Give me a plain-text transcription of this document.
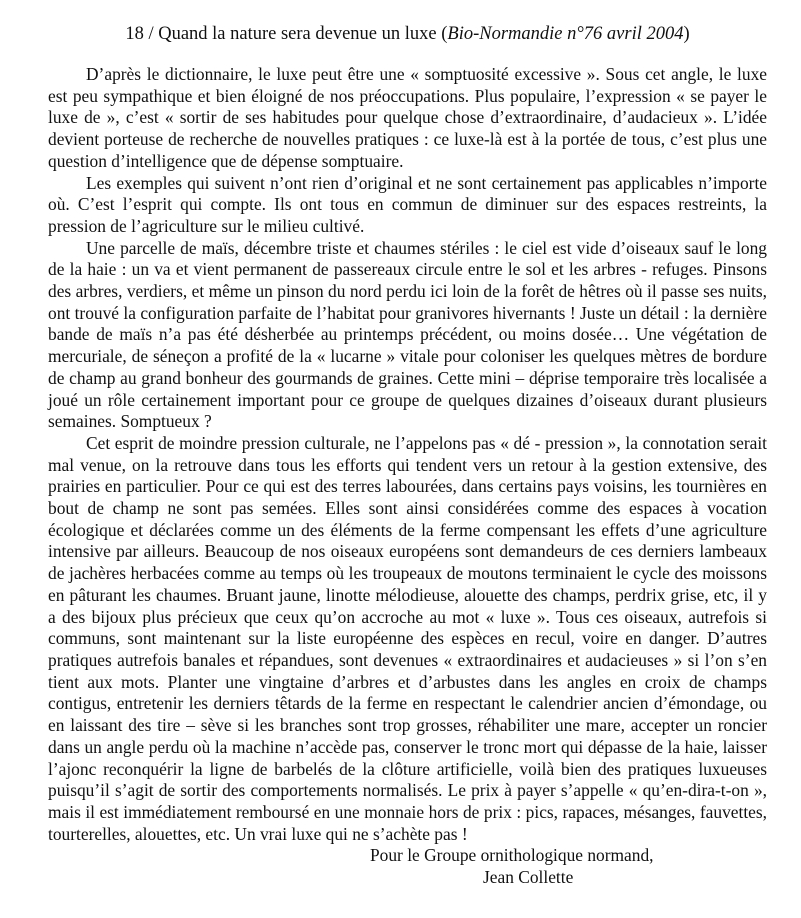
18 / Quand la nature sera devenue un luxe (Bio-Normandie n°76 avril 2004)

D’après le dictionnaire, le luxe peut être une « somptuosité excessive ». Sous cet angle, le luxe est peu sympathique et bien éloigné de nos préoccupations. Plus populaire, l’expression « se payer le luxe de », c’est « sortir de ses habitudes pour quelque chose d’extraordinaire, d’audacieux ». L’idée devient porteuse de recherche de nouvelles pratiques : ce luxe-là est à la portée de tous, c’est plus une question d’intelligence que de dépense somptuaire.

Les exemples qui suivent n’ont rien d’original et ne sont certainement pas applicables n’importe où. C’est l’esprit qui compte. Ils ont tous en commun de diminuer sur des espaces restreints, la pression de l’agriculture sur le milieu cultivé.

Une parcelle de maïs, décembre triste et chaumes stériles : le ciel est vide d’oiseaux sauf le long de la haie : un va et vient permanent de passereaux circule entre le sol et les arbres - refuges. Pinsons des arbres, verdiers, et même un pinson du nord perdu ici loin de la forêt de hêtres où il passe ses nuits, ont trouvé la configuration parfaite de l’habitat pour granivores hivernants ! Juste un détail : la dernière bande de maïs n’a pas été désherbée au printemps précédent, ou moins dosée… Une végétation de mercuriale, de séneçon a profité de la « lucarne » vitale pour coloniser les quelques mètres de bordure de champ au grand bonheur des gourmands de graines. Cette mini – déprise temporaire très localisée a joué un rôle certainement important pour ce groupe de quelques dizaines d’oiseaux durant plusieurs semaines. Somptueux ?

Cet esprit de moindre pression culturale, ne l’appelons pas « dé - pression », la connotation serait mal venue, on la retrouve dans tous les efforts qui tendent vers un retour à la gestion extensive, des prairies en particulier. Pour ce qui est des terres labourées, dans certains pays voisins, les tournières en bout de champ ne sont pas semées. Elles sont ainsi considérées comme des espaces à vocation écologique et déclarées comme un des éléments de la ferme compensant les effets d’une agriculture intensive par ailleurs. Beaucoup de nos oiseaux européens sont demandeurs de ces derniers lambeaux de jachères herbacées comme au temps où les troupeaux de moutons terminaient le cycle des moissons en pâturant les chaumes. Bruant jaune, linotte mélodieuse, alouette des champs, perdrix grise, etc, il y a des bijoux plus précieux que ceux qu’on accroche au mot « luxe ». Tous ces oiseaux, autrefois si communs, sont maintenant sur la liste européenne des espèces en recul, voire en danger. D’autres pratiques autrefois banales et répandues, sont devenues « extraordinaires et audacieuses » si l’on s’en tient aux mots. Planter une vingtaine d’arbres et d’arbustes dans les angles en croix de champs contigus, entretenir les derniers têtards de la ferme en respectant le calendrier ancien d’émondage, ou en laissant des tire – sève si les branches sont trop grosses, réhabiliter une mare, accepter un roncier dans un angle perdu où la machine n’accède pas, conserver le tronc mort qui dépasse de la haie, laisser l’ajonc reconquérir la ligne de barbelés de la clôture artificielle, voilà bien des pratiques luxueuses puisqu’il s’agit de sortir des comportements normalisés. Le prix à payer s’appelle « qu’en-dira-t-on », mais il est immédiatement remboursé en une monnaie hors de prix : pics, rapaces, mésanges, fauvettes, tourterelles, alouettes, etc. Un vrai luxe qui ne s’achète pas !

Pour le Groupe ornithologique normand,
Jean Collette
